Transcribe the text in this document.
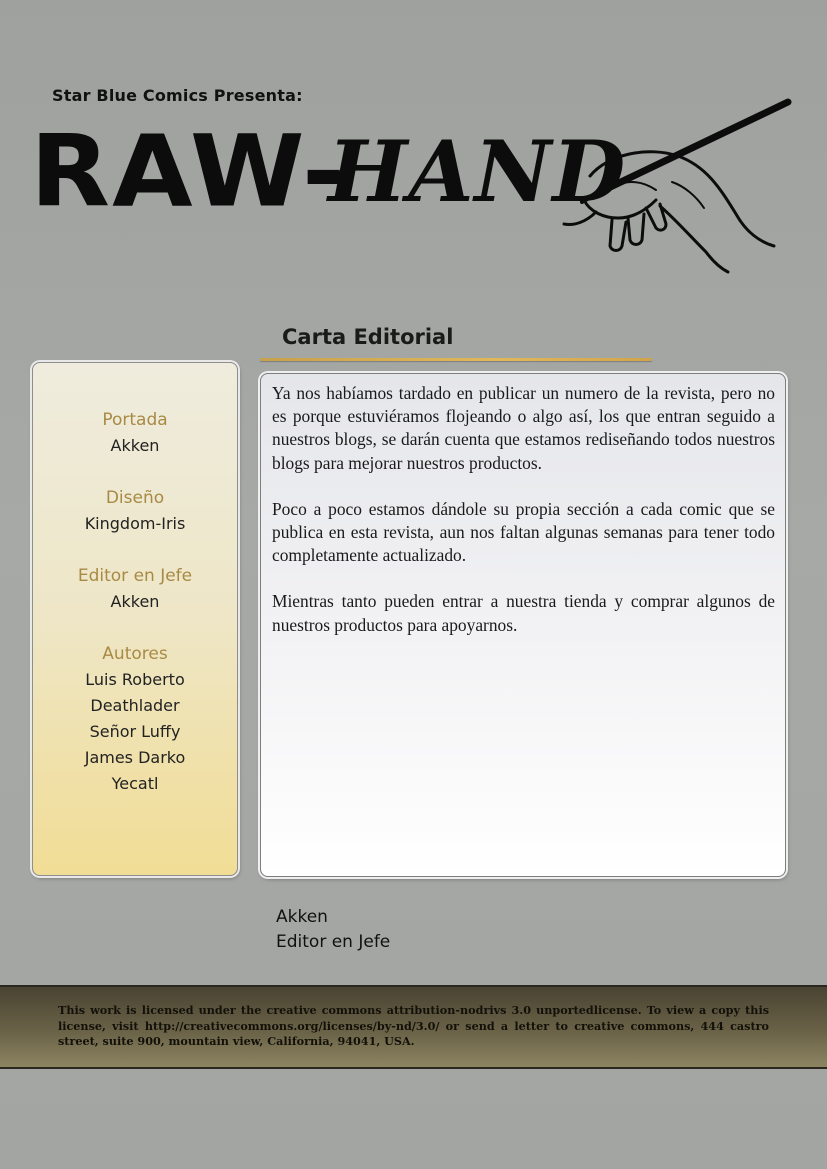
Star Blue Comics Presenta:
RAW-
HAND
Carta Editorial
Portada
Akken
Diseño
Kingdom-Iris
Editor en Jefe
Akken
Autores
Luis Roberto
Deathlader
Señor Luffy
James Darko
Yecatl

Ya nos habíamos tardado en publicar un numero de la revista, pero no es porque estuviéramos flojeando o algo así, los que entran seguido a nuestros blogs, se darán cuenta que estamos rediseñando todos nuestros blogs para mejorar nuestros productos.

Poco a poco estamos dándole su propia sección a cada comic que se publica en esta revista, aun nos faltan algunas semanas para tener todo completamente actualizado.

Mientras tanto pueden entrar a nuestra tienda y comprar algunos de nuestros productos para apoyarnos.

Akken
Editor en Jefe

This work is licensed under the creative commons attribution-nodrivs 3.0 unportedlicense. To view a copy this license, visit http://creativecommons.org/licenses/by-nd/3.0/ or send a letter to creative commons, 444 castro street, suite 900, mountain view, California, 94041, USA.
